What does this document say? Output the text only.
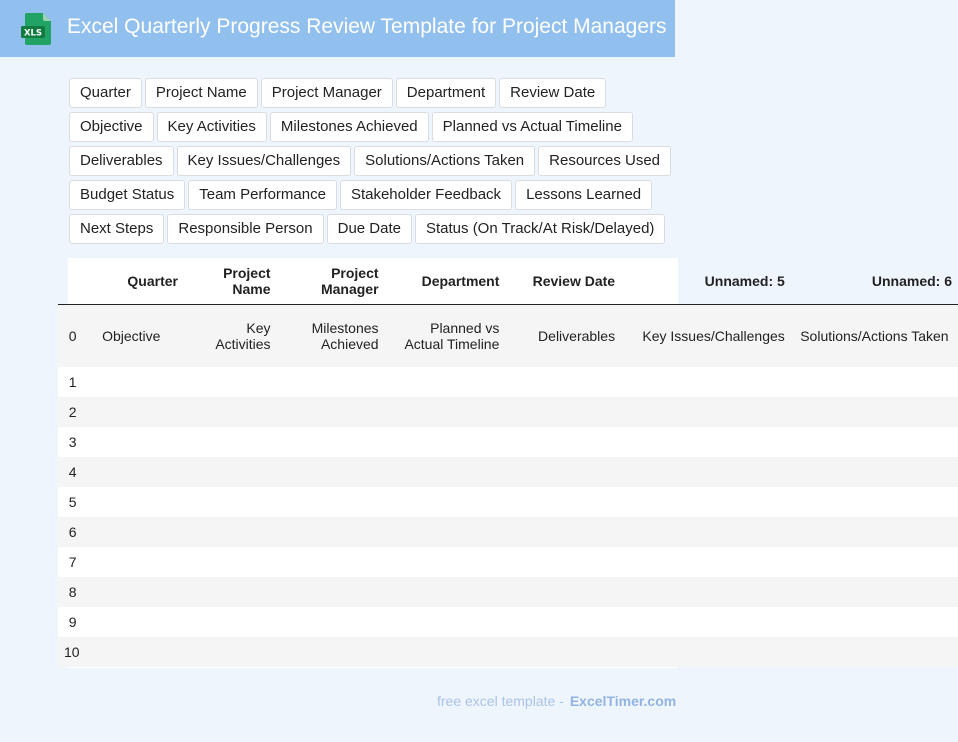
XLS Excel Quarterly Progress Review Template for Project Managers
Quarter	Project Name	Project Manager	Department	Review Date
Objective	Key Activities	Milestones Achieved	Planned vs Actual Timeline
Deliverables	Key Issues/Challenges	Solutions/Actions Taken	Resources Used
Budget Status	Team Performance	Stakeholder Feedback	Lessons Learned
Next Steps	Responsible Person	Due Date	Status (On Track/At Risk/Delayed)
	Quarter	Project Name	Project Manager	Department	Review Date	Unnamed: 5	Unnamed: 6
0	Objective	Key Activities	Milestones Achieved	Planned vs Actual Timeline	Deliverables	Key Issues/Challenges	Solutions/Actions Taken
1							
2							
3							
4							
5							
6							
7							
8							
9							
10							
free excel template - ExcelTimer.com
